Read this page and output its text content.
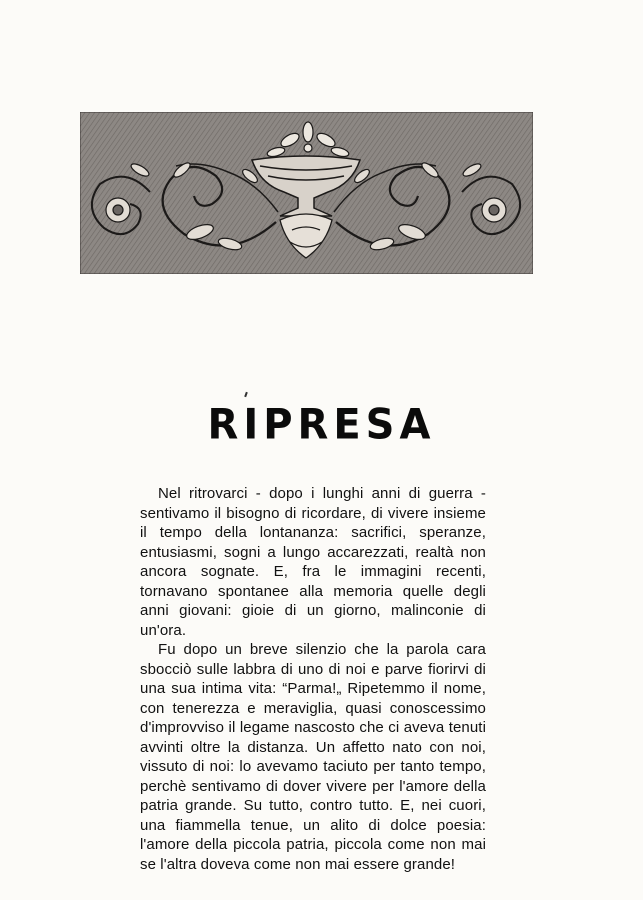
RIPRESA

Nel ritrovarci - dopo i lunghi anni di guerra - sentivamo il bisogno di ricordare, di vivere insieme il tempo della lontananza: sacrifici, speranze, entusiasmi, sogni a lungo accarezzati, realtà non ancora sognate. E, fra le immagini recenti, tornavano spontanee alla memoria quelle degli anni giovani: gioie di un giorno, malinconie di un'ora.

Fu dopo un breve silenzio che la parola cara sbocciò sulle labbra di uno di noi e parve fiorirvi di una sua intima vita: “Parma!„ Ripetemmo il nome, con tenerezza e meraviglia, quasi conoscessimo d'improvviso il legame nascosto che ci aveva tenuti avvinti oltre la distanza. Un affetto nato con noi, vissuto di noi: lo avevamo taciuto per tanto tempo, perchè sentivamo di dover vivere per l'amore della patria grande. Su tutto, contro tutto. E, nei cuori, una fiammella tenue, un alito di dolce poesia: l'amore della piccola patria, piccola come non mai se l'altra doveva come non mai essere grande!
